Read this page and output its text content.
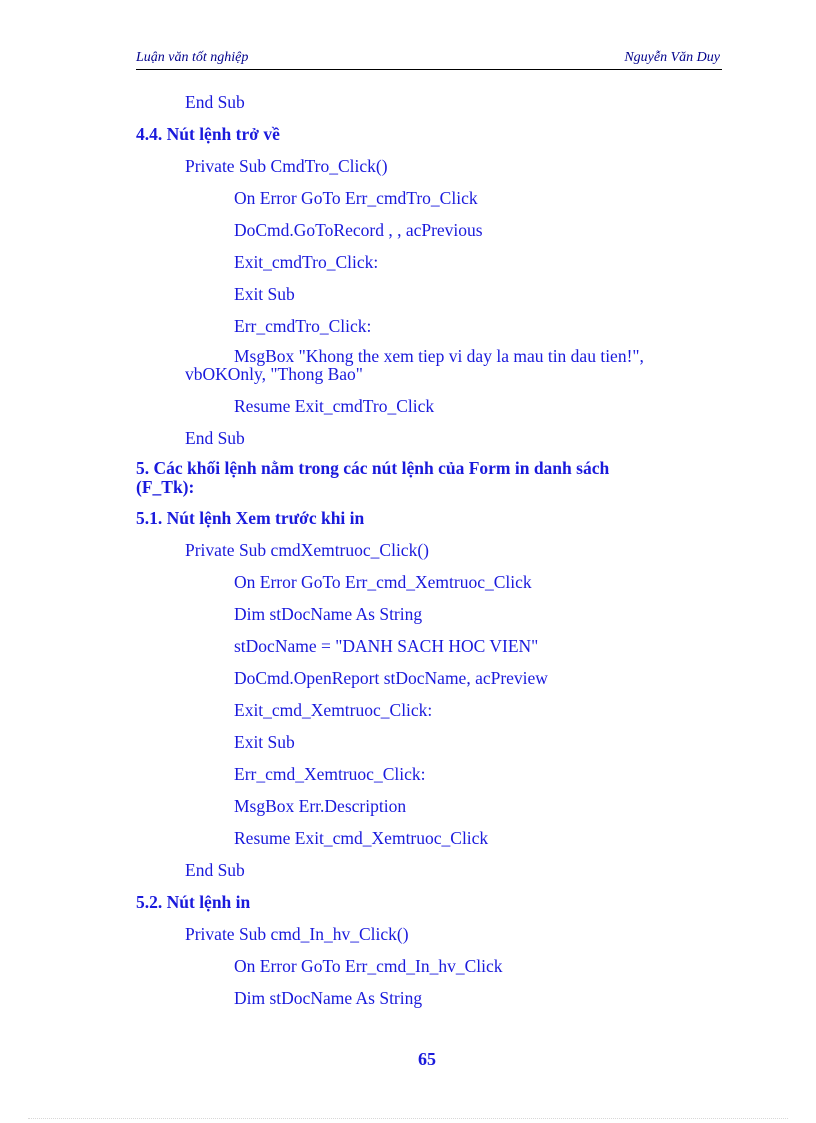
Luận văn tốt nghiệp	Nguyễn Văn Duy
End Sub
4.4. Nút lệnh trở về
Private Sub CmdTro_Click()
On Error GoTo Err_cmdTro_Click
DoCmd.GoToRecord , , acPrevious
Exit_cmdTro_Click:
Exit Sub
Err_cmdTro_Click:
MsgBox "Khong the xem tiep vi day la mau tin dau tien!",
vbOKOnly, "Thong Bao"
Resume Exit_cmdTro_Click
End Sub
5. Các khối lệnh nằm trong các nút lệnh của Form in danh sách
(F_Tk):
5.1. Nút lệnh Xem trước khi in
Private Sub cmdXemtruoc_Click()
On Error GoTo Err_cmd_Xemtruoc_Click
Dim stDocName As String
stDocName = "DANH SACH HOC VIEN"
DoCmd.OpenReport stDocName, acPreview
Exit_cmd_Xemtruoc_Click:
Exit Sub
Err_cmd_Xemtruoc_Click:
MsgBox Err.Description
Resume Exit_cmd_Xemtruoc_Click
End Sub
5.2. Nút lệnh in
Private Sub cmd_In_hv_Click()
On Error GoTo Err_cmd_In_hv_Click
Dim stDocName As String
65
